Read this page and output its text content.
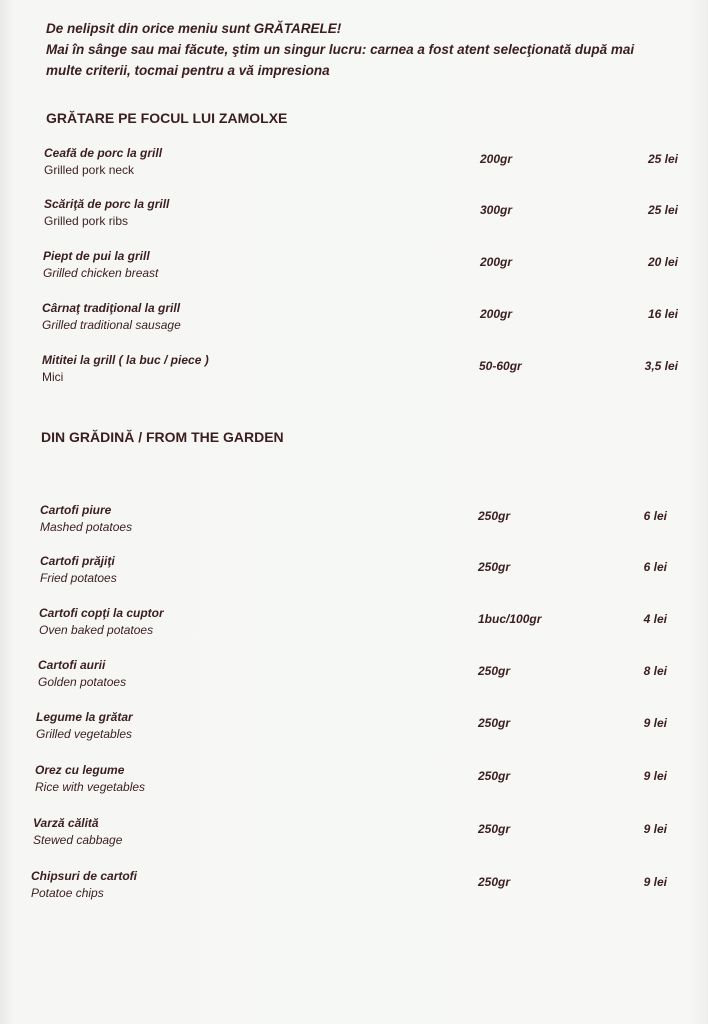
De nelipsit din orice meniu sunt GRĂTARELE!
Mai în sânge sau mai făcute, ştim un singur lucru: carnea a fost atent selecţionată după mai
multe criterii, tocmai pentru a vă impresiona
GRĂTARE PE FOCUL LUI ZAMOLXE
Ceafă de porc la grill
Grilled pork neck
200gr	25 lei
Scăriţă de porc la grill
Grilled pork ribs
300gr	25 lei
Piept de pui la grill
Grilled chicken breast
200gr	20 lei
Cârnaţ tradiţional la grill
Grilled traditional sausage
200gr	16 lei
Mititei la grill ( la buc / piece )
Mici
50-60gr	3,5 lei
DIN GRĂDINĂ / FROM THE GARDEN
Cartofi piure
Mashed potatoes
250gr	6 lei
Cartofi prăjiţi
Fried potatoes
250gr	6 lei
Cartofi copţi la cuptor
Oven baked potatoes
1buc/100gr	4 lei
Cartofi aurii
Golden potatoes
250gr	8 lei
Legume la grătar
Grilled vegetables
250gr	9 lei
Orez cu legume
Rice with vegetables
250gr	9 lei
Varză călită
Stewed cabbage
250gr	9 lei
Chipsuri de cartofi
Potatoe chips
250gr	9 lei
